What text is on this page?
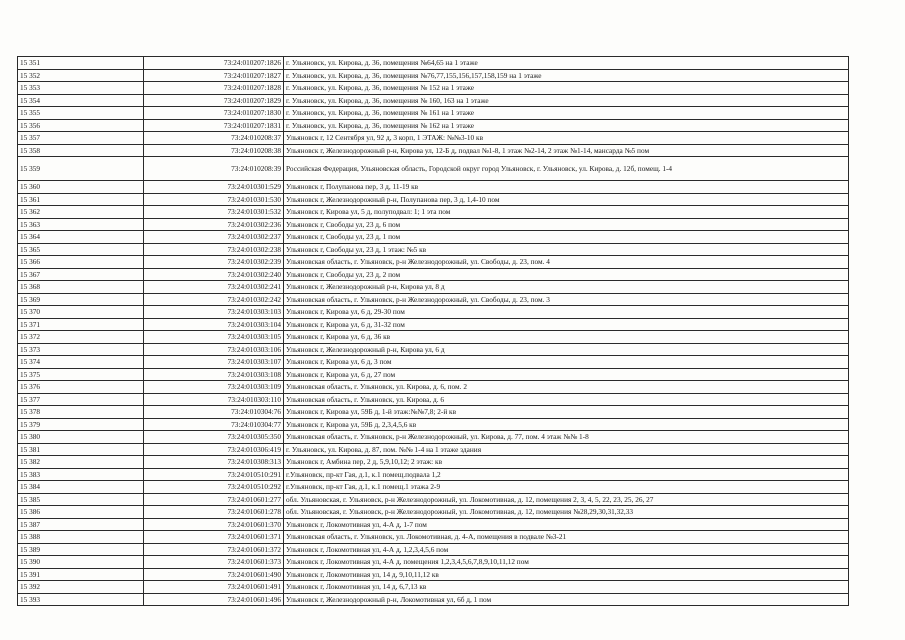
15 351	73:24:010207:1826	г. Ульяновск, ул. Кирова, д. 36, помещения №64,65 на 1 этаже
15 352	73:24:010207:1827	г. Ульяновск, ул. Кирова, д. 36, помещения №76,77,155,156,157,158,159 на 1 этаже
15 353	73:24:010207:1828	г. Ульяновск, ул. Кирова, д. 36, помещения № 152 на 1 этаже
15 354	73:24:010207:1829	г. Ульяновск, ул. Кирова, д. 36, помещения № 160, 163 на 1 этаже
15 355	73:24:010207:1830	г. Ульяновск, ул. Кирова, д. 36, помещения № 161 на 1 этаже
15 356	73:24:010207:1831	г. Ульяновск, ул. Кирова, д. 36, помещения № 162 на 1 этаже
15 357	73:24:010208:37	Ульяновск г, 12 Сентября ул, 92 д, 3 корп, 1 ЭТАЖ: №№3-10 кв
15 358	73:24:010208:38	Ульяновск г, Железнодорожный р-н, Кирова ул, 12-Б д, подвал №1-8, 1 этаж №2-14, 2 этаж №1-14, мансарда №5 пом
15 359	73:24:010208:39	Российская Федерация, Ульяновская область, Городской округ город Ульяновск, г. Ульяновск, ул. Кирова, д. 12б, помещ. 1-4
15 360	73:24:010301:529	Ульяновск г, Полупанова пер, 3 д, 11-19 кв
15 361	73:24:010301:530	Ульяновск г, Железнодорожный р-н, Полупанова пер, 3 д, 1,4-10 пом
15 362	73:24:010301:532	Ульяновск г, Кирова ул, 5 д, полуподвал: 1; 1 эта пом
15 363	73:24:010302:236	Ульяновск г, Свободы ул, 23 д, 6 пом
15 364	73:24:010302:237	Ульяновск г, Свободы ул, 23 д, 1 пом
15 365	73:24:010302:238	Ульяновск г, Свободы ул, 23 д, 1 этаж: №5 кв
15 366	73:24:010302:239	Ульяновская область, г. Ульяновск, р-н Железнодорожный, ул. Свободы, д. 23, пом. 4
15 367	73:24:010302:240	Ульяновск г, Свободы ул, 23 д, 2 пом
15 368	73:24:010302:241	Ульяновск г, Железнодорожный р-н, Кирова ул, 8 д
15 369	73:24:010302:242	Ульяновская область, г. Ульяновск, р-н Железнодорожный, ул. Свободы, д. 23, пом. 3
15 370	73:24:010303:103	Ульяновск г, Кирова ул, 6 д, 29-30 пом
15 371	73:24:010303:104	Ульяновск г, Кирова ул, 6 д, 31-32 пом
15 372	73:24:010303:105	Ульяновск г, Кирова ул, 6 д, 36 кв
15 373	73:24:010303:106	Ульяновск г, Железнодорожный р-н, Кирова ул, 6 д
15 374	73:24:010303:107	Ульяновск г, Кирова ул, 6 д, 3 пом
15 375	73:24:010303:108	Ульяновск г, Кирова ул, 6 д, 27 пом
15 376	73:24:010303:109	Ульяновская область, г. Ульяновск, ул. Кирова, д. 6, пом. 2
15 377	73:24:010303:110	Ульяновская область, г. Ульяновск, ул. Кирова, д. 6
15 378	73:24:010304:76	Ульяновск г, Кирова ул, 59Б д, 1-й этаж:№№7,8; 2-й кв
15 379	73:24:010304:77	Ульяновск г, Кирова ул, 59Б д, 2,3,4,5,6 кв
15 380	73:24:010305:350	Ульяновская область, г. Ульяновск, р-н Железнодорожный, ул. Кирова, д. 77, пом. 4 этаж №№ 1-8
15 381	73:24:010306:419	г. Ульяновск, ул. Кирова, д. 87, пом. №№ 1-4 на 1 этаже здания
15 382	73:24:010308:313	Ульяновск г, Амбина пер, 2 д, 5,9,10,12; 2 этаж: кв
15 383	73:24:010510:291	г.Ульяновск, пр-кт Гая, д.1, к.1 помещ.подвала 1,2
15 384	73:24:010510:292	г.Ульяновск, пр-кт Гая, д.1, к.1 помещ.1 этажа 2-9
15 385	73:24:010601:277	обл. Ульяновская, г. Ульяновск, р-н Железнодорожный, ул. Локомотивная, д. 12, помещения 2, 3, 4, 5, 22, 23, 25, 26, 27
15 386	73:24:010601:278	обл. Ульяновская, г. Ульяновск, р-н Железнодорожный, ул. Локомотивная, д. 12, помещения №28,29,30,31,32,33
15 387	73:24:010601:370	Ульяновск г, Локомотивная ул, 4-А д, 1-7 пом
15 388	73:24:010601:371	Ульяновская область, г. Ульяновск, ул. Локомотивная, д. 4-А, помещения в подвале №3-21
15 389	73:24:010601:372	Ульяновск г, Локомотивная ул, 4-А д, 1,2,3,4,5,6 пом
15 390	73:24:010601:373	Ульяновск г, Локомотивная ул, 4-А д, помещения 1,2,3,4,5,6,7,8,9,10,11,12 пом
15 391	73:24:010601:490	Ульяновск г, Локомотивная ул, 14 д, 9,10,11,12 кв
15 392	73:24:010601:491	Ульяновск г, Локомотивная ул, 14 д, 6,7,13 кв
15 393	73:24:010601:496	Ульяновск г, Железнодорожный р-н, Локомотивная ул, 6б д, 1 пом
